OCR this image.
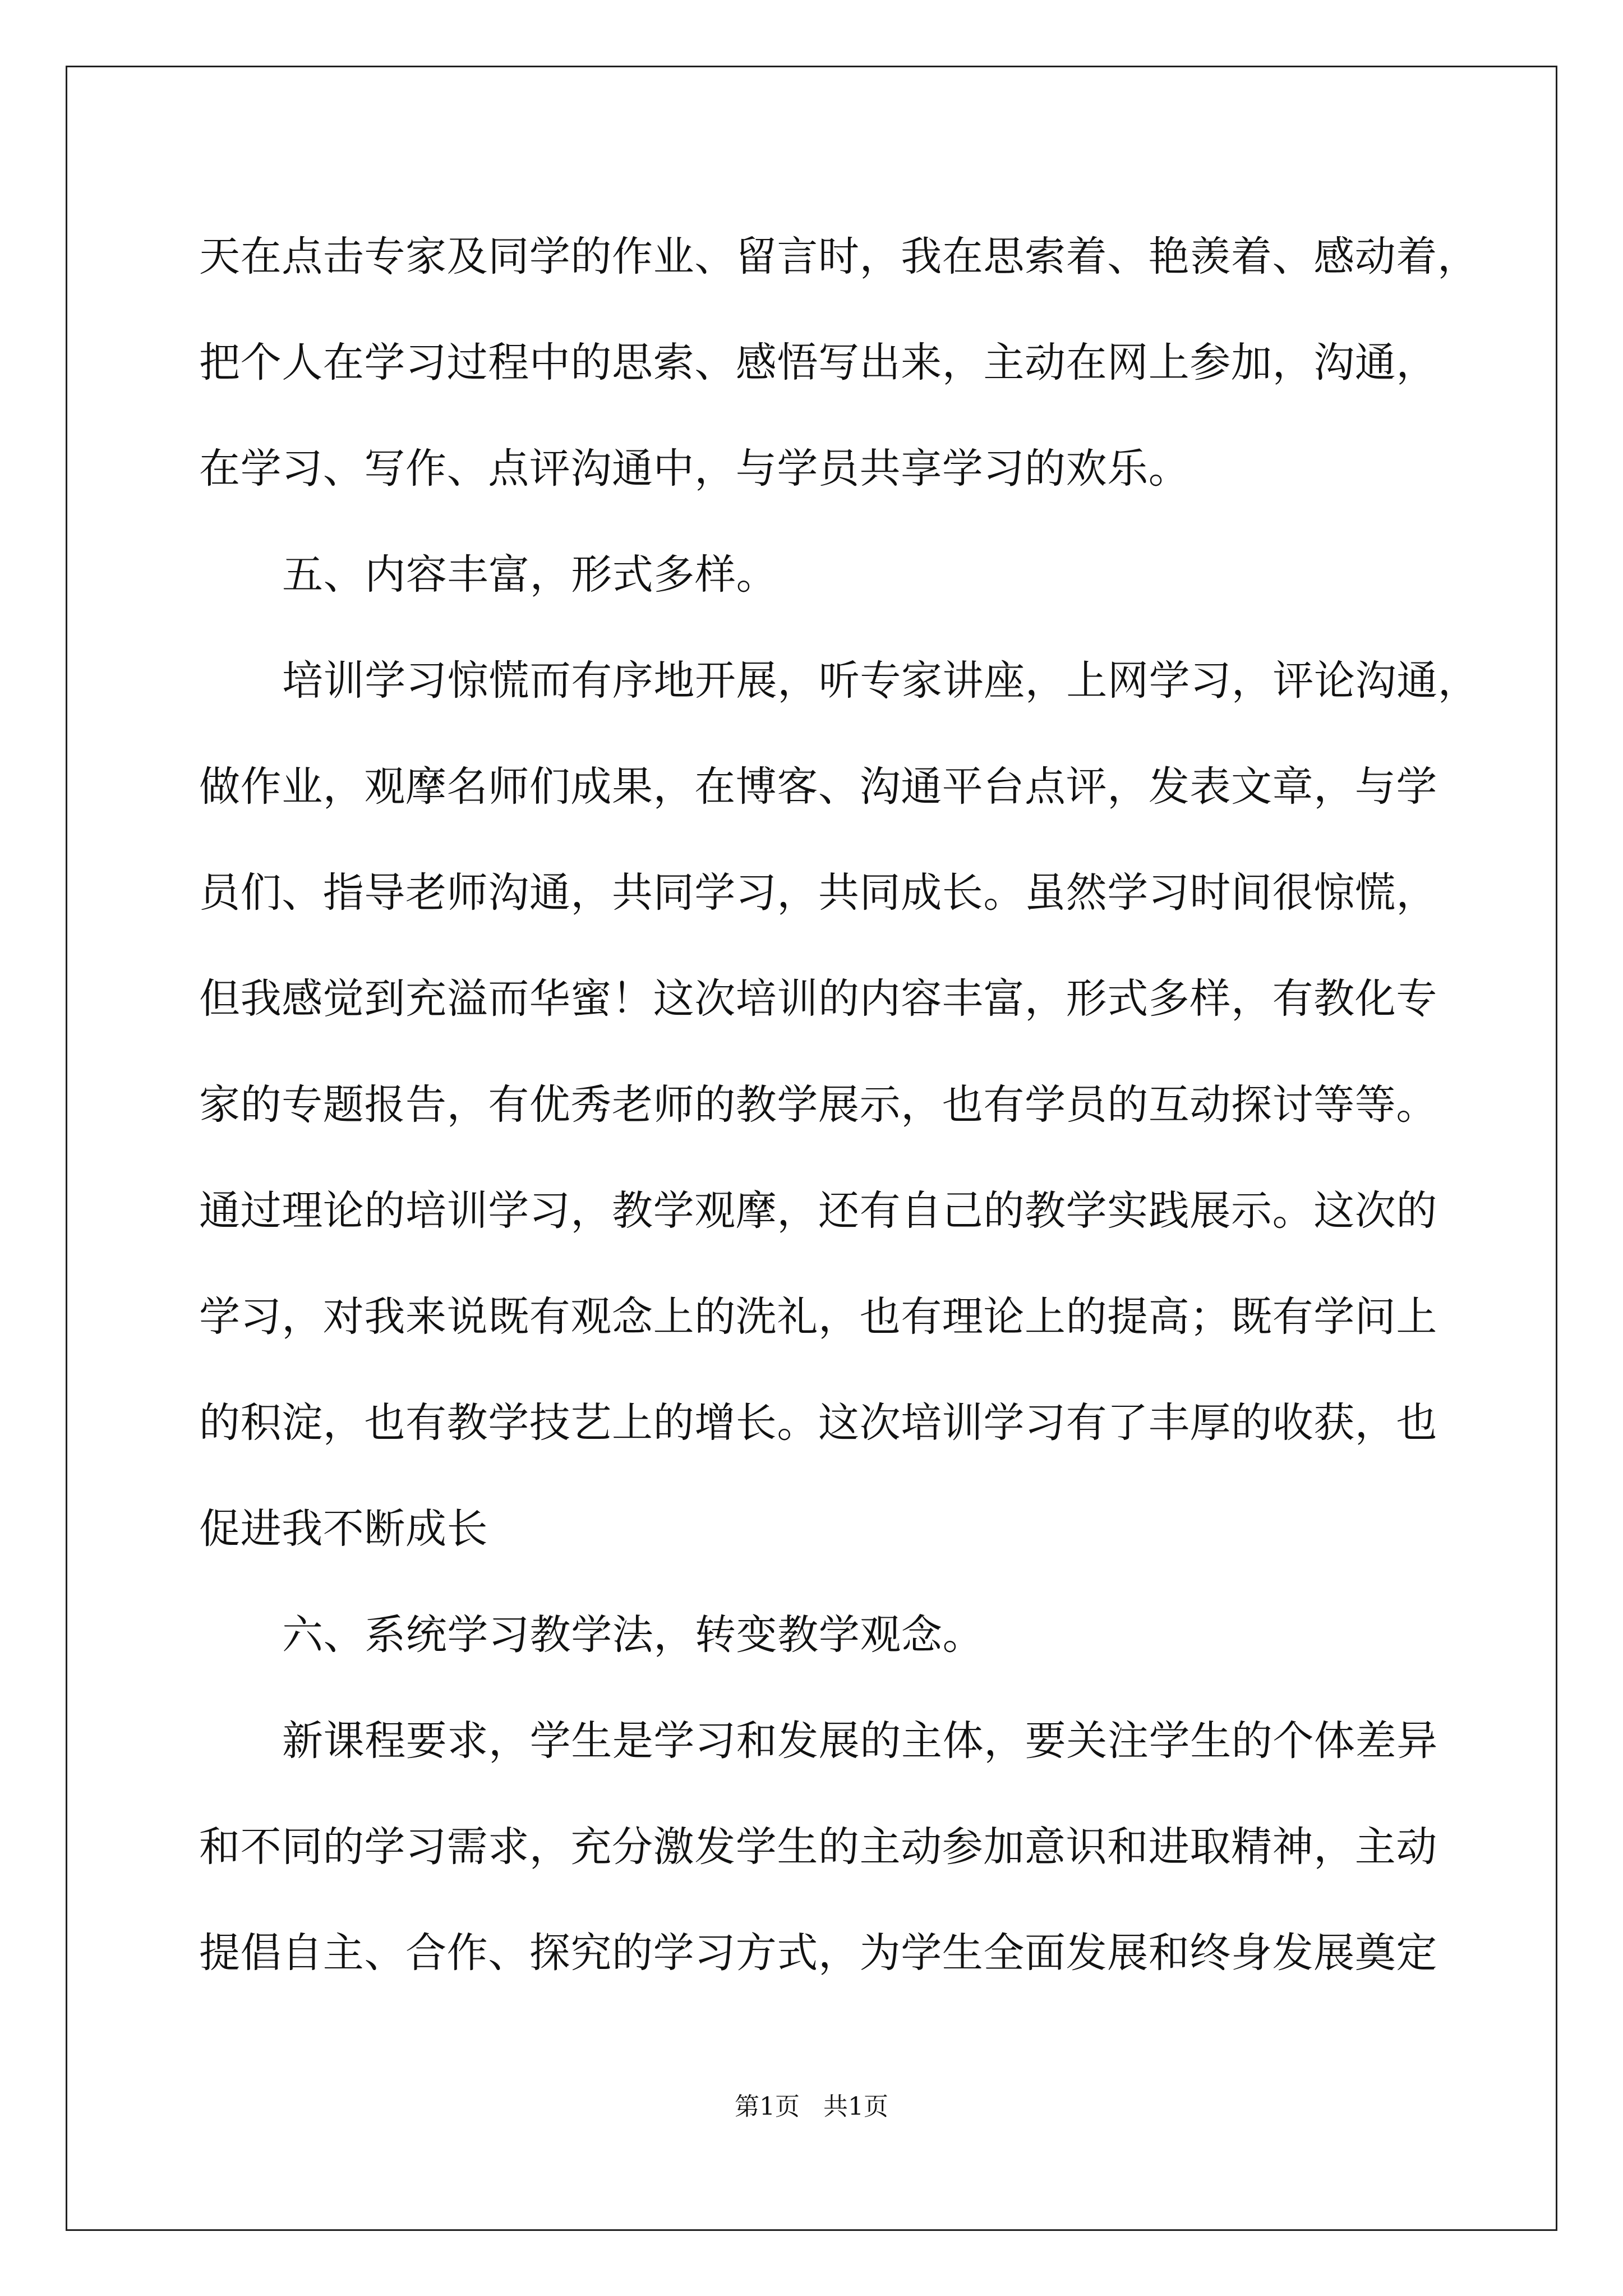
天在点击专家及同学的作业、留言时，我在思索着、艳羡着、感动着，
把个人在学习过程中的思索、感悟写出来，主动在网上参加，沟通，
在学习、写作、点评沟通中，与学员共享学习的欢乐。
五、内容丰富，形式多样。
培训学习惊慌而有序地开展，听专家讲座，上网学习，评论沟通，
做作业，观摩名师们成果，在博客、沟通平台点评，发表文章，与学
员们、指导老师沟通，共同学习，共同成长。虽然学习时间很惊慌，
但我感觉到充溢而华蜜！这次培训的内容丰富，形式多样，有教化专
家的专题报告，有优秀老师的教学展示，也有学员的互动探讨等等。
通过理论的培训学习，教学观摩，还有自己的教学实践展示。这次的
学习，对我来说既有观念上的洗礼，也有理论上的提高；既有学问上
的积淀，也有教学技艺上的增长。这次培训学习有了丰厚的收获，也
促进我不断成长
六、系统学习教学法，转变教学观念。
新课程要求，学生是学习和发展的主体，要关注学生的个体差异
和不同的学习需求，充分激发学生的主动参加意识和进取精神，主动
提倡自主、合作、探究的学习方式，为学生全面发展和终身发展奠定
第1页 共1页
